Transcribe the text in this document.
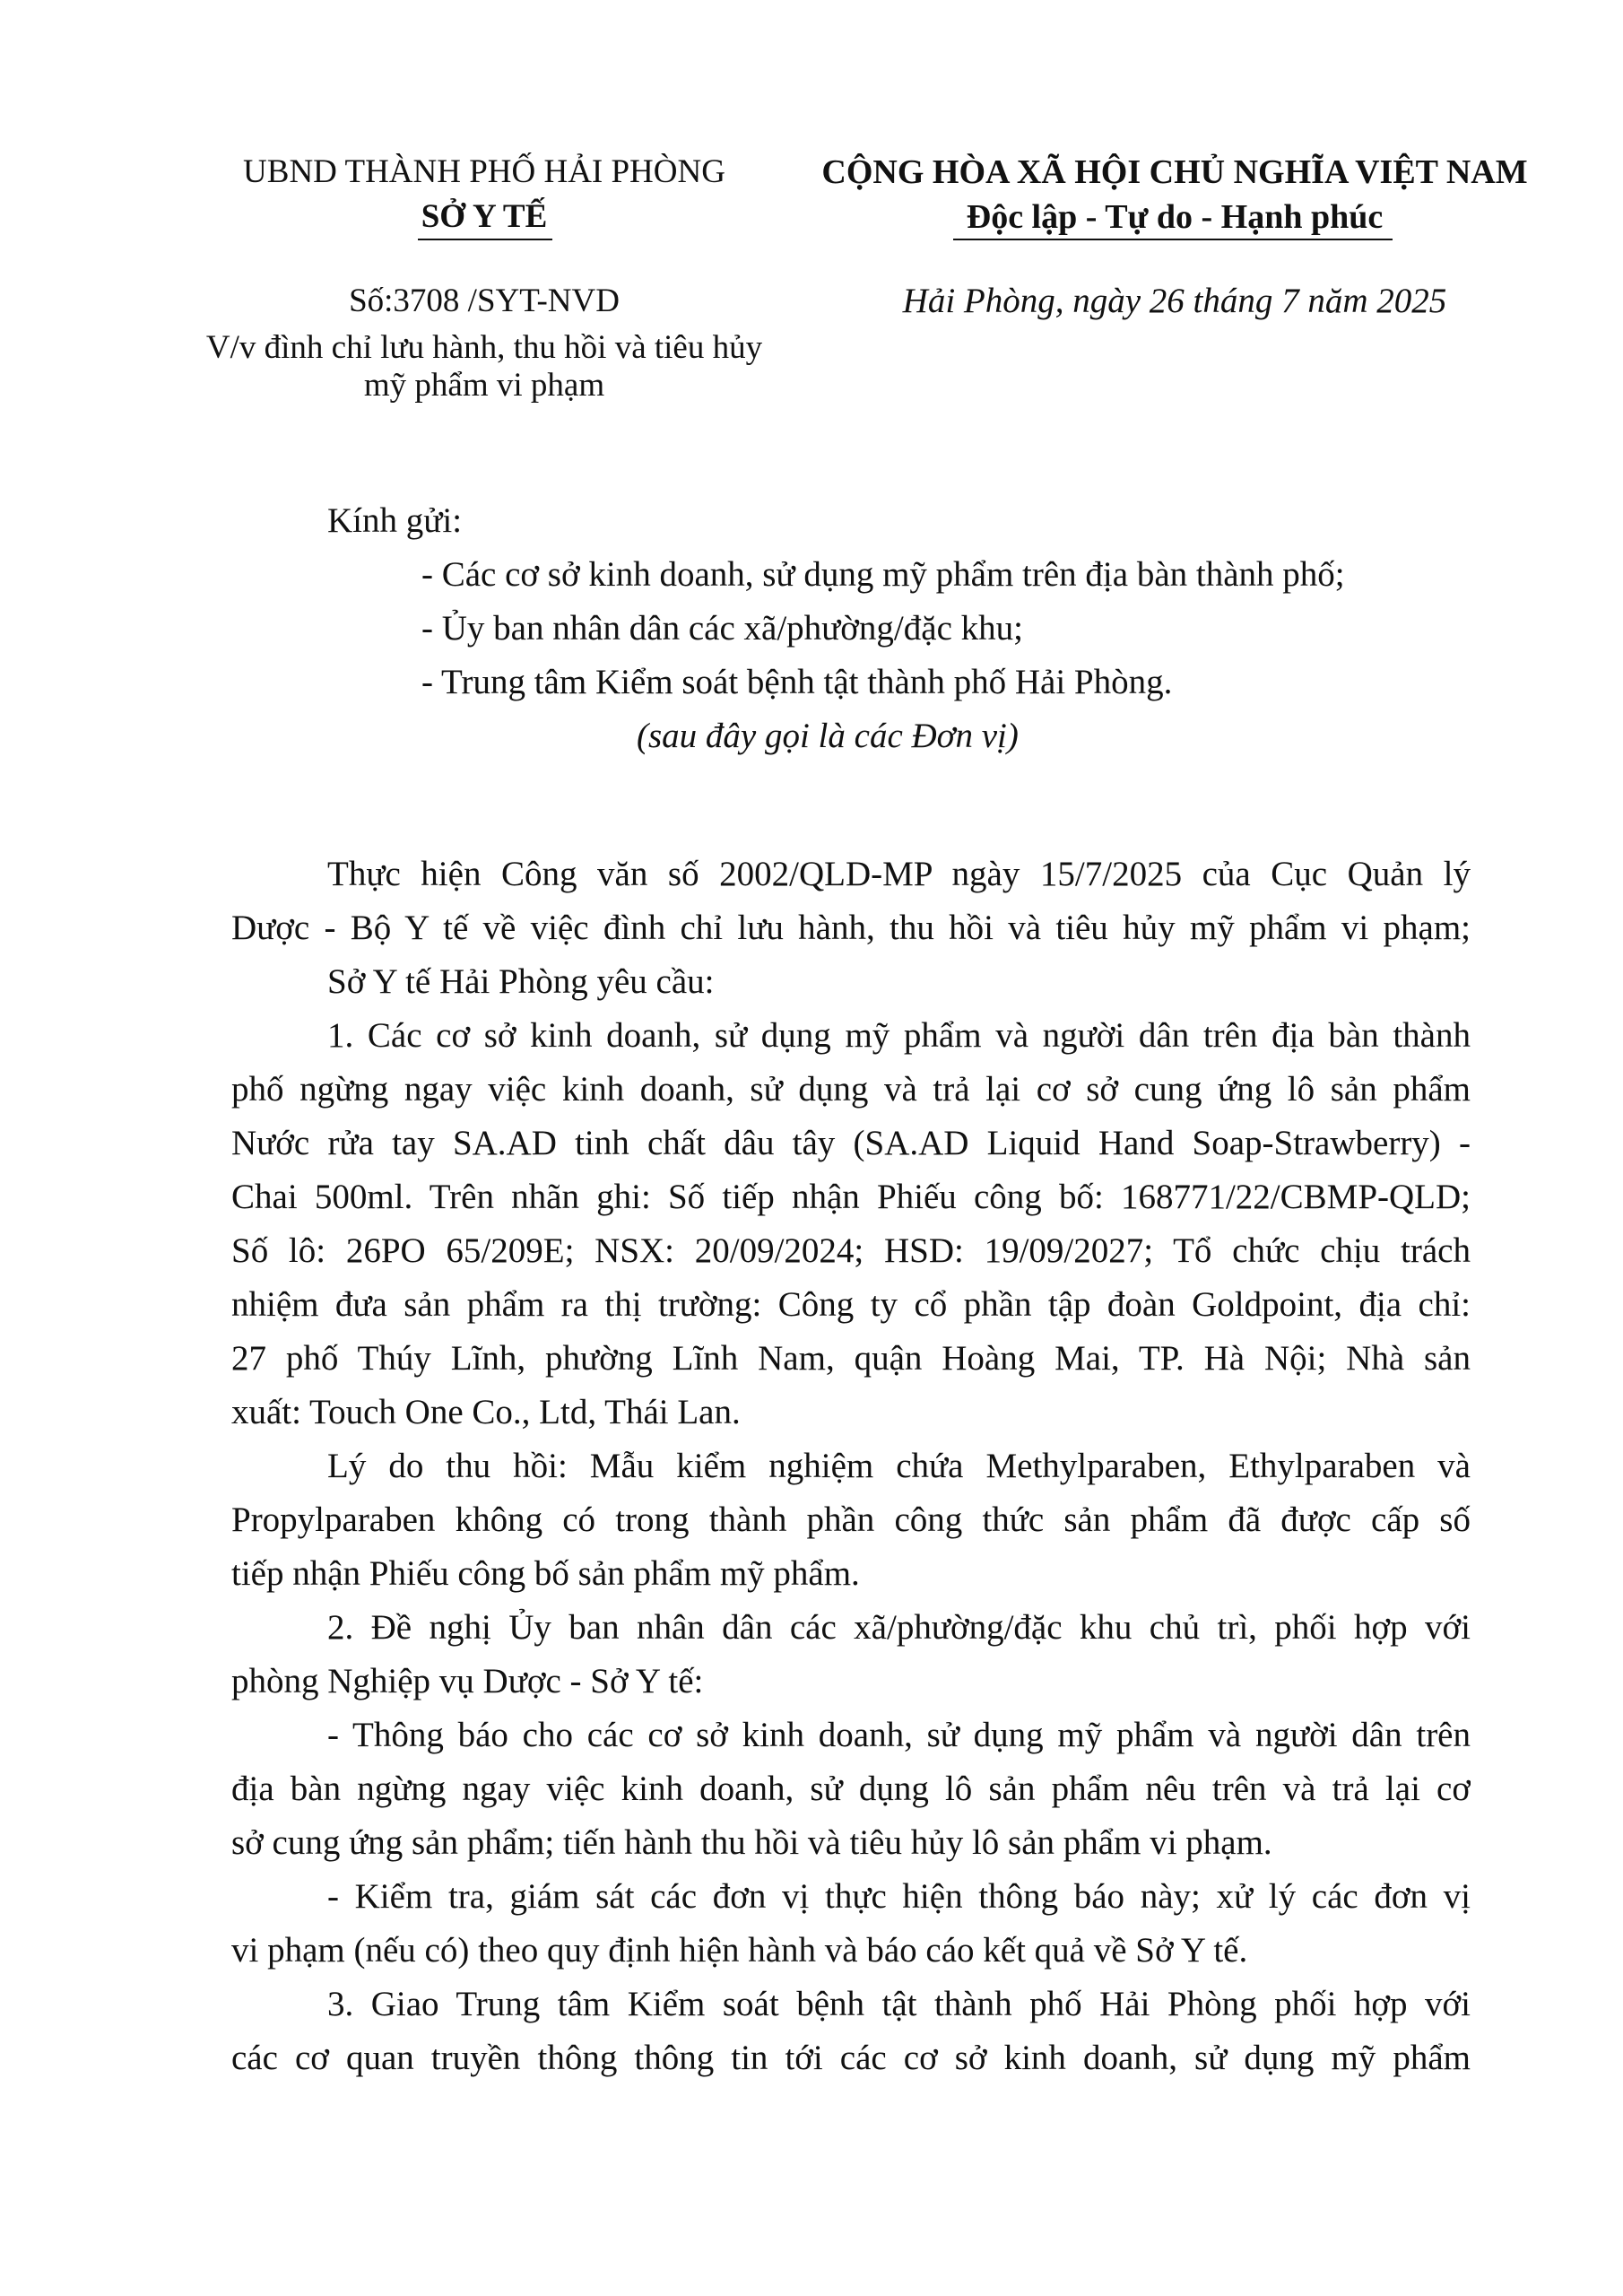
UBND THÀNH PHỐ HẢI PHÒNG
SỞ Y TẾ
Số:3708 /SYT-NVD
V/v đình chỉ lưu hành, thu hồi và tiêu hủy
mỹ phẩm vi phạm
CỘNG HÒA XÃ HỘI CHỦ NGHĨA VIỆT NAM
Độc lập - Tự do - Hạnh phúc
Hải Phòng, ngày 26 tháng 7 năm 2025
Kính gửi:
- Các cơ sở kinh doanh, sử dụng mỹ phẩm trên địa bàn thành phố;
- Ủy ban nhân dân các xã/phường/đặc khu;
- Trung tâm Kiểm soát bệnh tật thành phố Hải Phòng.
(sau đây gọi là các Đơn vị)
Thực hiện Công văn số 2002/QLD-MP ngày 15/7/2025 của Cục Quản lý
Dược - Bộ Y tế về việc đình chỉ lưu hành, thu hồi và tiêu hủy mỹ phẩm vi phạm;
Sở Y tế Hải Phòng yêu cầu:
1. Các cơ sở kinh doanh, sử dụng mỹ phẩm và người dân trên địa bàn thành
phố ngừng ngay việc kinh doanh, sử dụng và trả lại cơ sở cung ứng lô sản phẩm
Nước rửa tay SA.AD tinh chất dâu tây (SA.AD Liquid Hand Soap-Strawberry) -
Chai 500ml. Trên nhãn ghi: Số tiếp nhận Phiếu công bố: 168771/22/CBMP-QLD;
Số lô: 26PO 65/209E; NSX: 20/09/2024; HSD: 19/09/2027; Tổ chức chịu trách
nhiệm đưa sản phẩm ra thị trường: Công ty cổ phần tập đoàn Goldpoint, địa chỉ:
27 phố Thúy Lĩnh, phường Lĩnh Nam, quận Hoàng Mai, TP. Hà Nội; Nhà sản
xuất: Touch One Co., Ltd, Thái Lan.
Lý do thu hồi: Mẫu kiểm nghiệm chứa Methylparaben, Ethylparaben và
Propylparaben không có trong thành phần công thức sản phẩm đã được cấp số
tiếp nhận Phiếu công bố sản phẩm mỹ phẩm.
2. Đề nghị Ủy ban nhân dân các xã/phường/đặc khu chủ trì, phối hợp với
phòng Nghiệp vụ Dược - Sở Y tế:
- Thông báo cho các cơ sở kinh doanh, sử dụng mỹ phẩm và người dân trên
địa bàn ngừng ngay việc kinh doanh, sử dụng lô sản phẩm nêu trên và trả lại cơ
sở cung ứng sản phẩm; tiến hành thu hồi và tiêu hủy lô sản phẩm vi phạm.
- Kiểm tra, giám sát các đơn vị thực hiện thông báo này; xử lý các đơn vị
vi phạm (nếu có) theo quy định hiện hành và báo cáo kết quả về Sở Y tế.
3. Giao Trung tâm Kiểm soát bệnh tật thành phố Hải Phòng phối hợp với
các cơ quan truyền thông thông tin tới các cơ sở kinh doanh, sử dụng mỹ phẩm
